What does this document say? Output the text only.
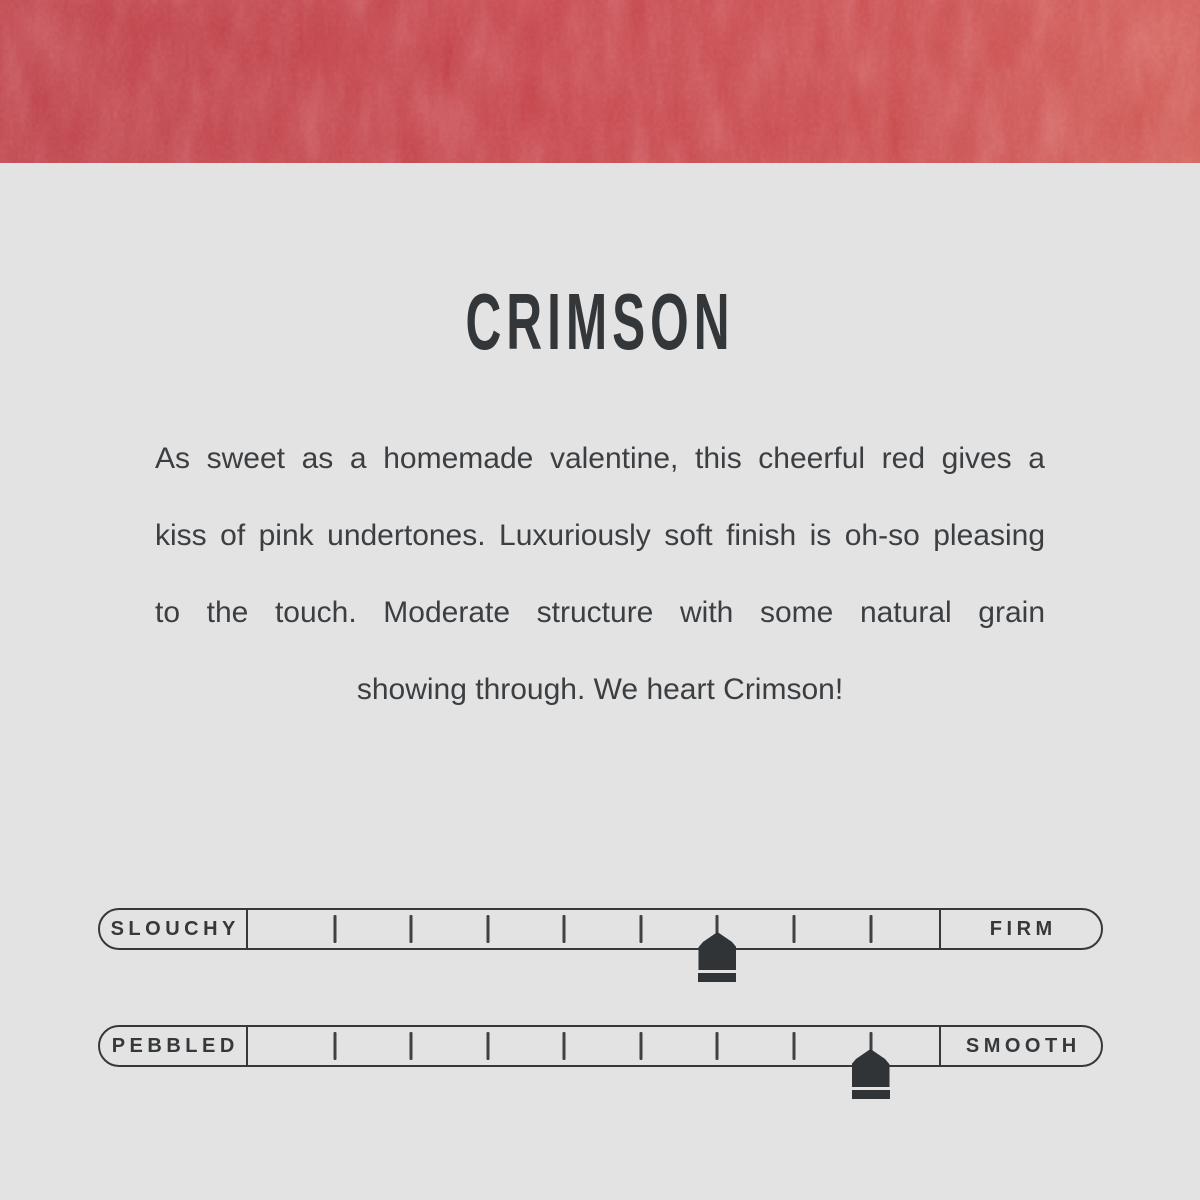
CRIMSON
As sweet as a homemade valentine, this cheerful red gives a
kiss of pink undertones. Luxuriously soft finish is oh-so pleasing
to the touch. Moderate structure with some natural grain
showing through. We heart Crimson!
SLOUCHY	FIRM
PEBBLED	SMOOTH
